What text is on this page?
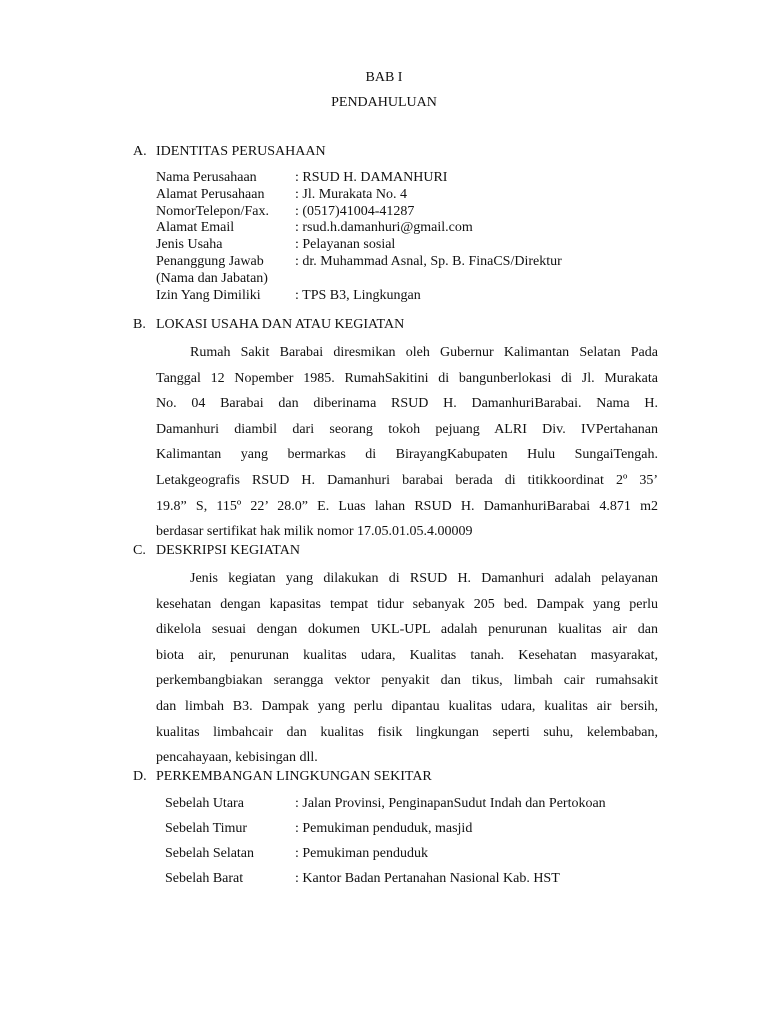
BAB I
PENDAHULUAN
A. IDENTITAS PERUSAHAAN
Nama Perusahaan	: RSUD H. DAMANHURI
Alamat Perusahaan : Jl. Murakata No. 4
NomorTelepon/Fax. : (0517)41004-41287
Alamat Email	: rsud.h.damanhuri@gmail.com
Jenis Usaha	: Pelayanan sosial
Penanggung Jawab : dr. Muhammad Asnal, Sp. B. FinaCS/Direktur
(Nama dan Jabatan)
Izin Yang Dimiliki : TPS B3, Lingkungan
B. LOKASI USAHA DAN ATAU KEGIATAN
Rumah Sakit Barabai diresmikan oleh Gubernur Kalimantan Selatan Pada
Tanggal 12 Nopember 1985. RumahSakitini di bangunberlokasi di Jl. Murakata
No. 04 Barabai dan diberinama RSUD H. DamanhuriBarabai. Nama H.
Damanhuri diambil dari seorang tokoh pejuang ALRI Div. IVPertahanan
Kalimantan yang bermarkas di BirayangKabupaten Hulu SungaiTengah.
Letakgeografis RSUD H. Damanhuri barabai berada di titikkoordinat 2º 35’
19.8” S, 115º 22’ 28.0” E. Luas lahan RSUD H. DamanhuriBarabai 4.871 m2
berdasar sertifikat hak milik nomor 17.05.01.05.4.00009
C. DESKRIPSI KEGIATAN
Jenis kegiatan yang dilakukan di RSUD H. Damanhuri adalah pelayanan
kesehatan dengan kapasitas tempat tidur sebanyak 205 bed. Dampak yang perlu
dikelola sesuai dengan dokumen UKL-UPL adalah penurunan kualitas air dan
biota air, penurunan kualitas udara, Kualitas tanah. Kesehatan masyarakat,
perkembangbiakan serangga vektor penyakit dan tikus, limbah cair rumahsakit
dan limbah B3. Dampak yang perlu dipantau kualitas udara, kualitas air bersih,
kualitas limbahcair dan kualitas fisik lingkungan seperti suhu, kelembaban,
pencahayaan, kebisingan dll.
D. PERKEMBANGAN LINGKUNGAN SEKITAR
Sebelah Utara	: Jalan Provinsi, PenginapanSudut Indah dan Pertokoan
Sebelah Timur	: Pemukiman penduduk, masjid
Sebelah Selatan	: Pemukiman penduduk
Sebelah Barat	: Kantor Badan Pertanahan Nasional Kab. HST
